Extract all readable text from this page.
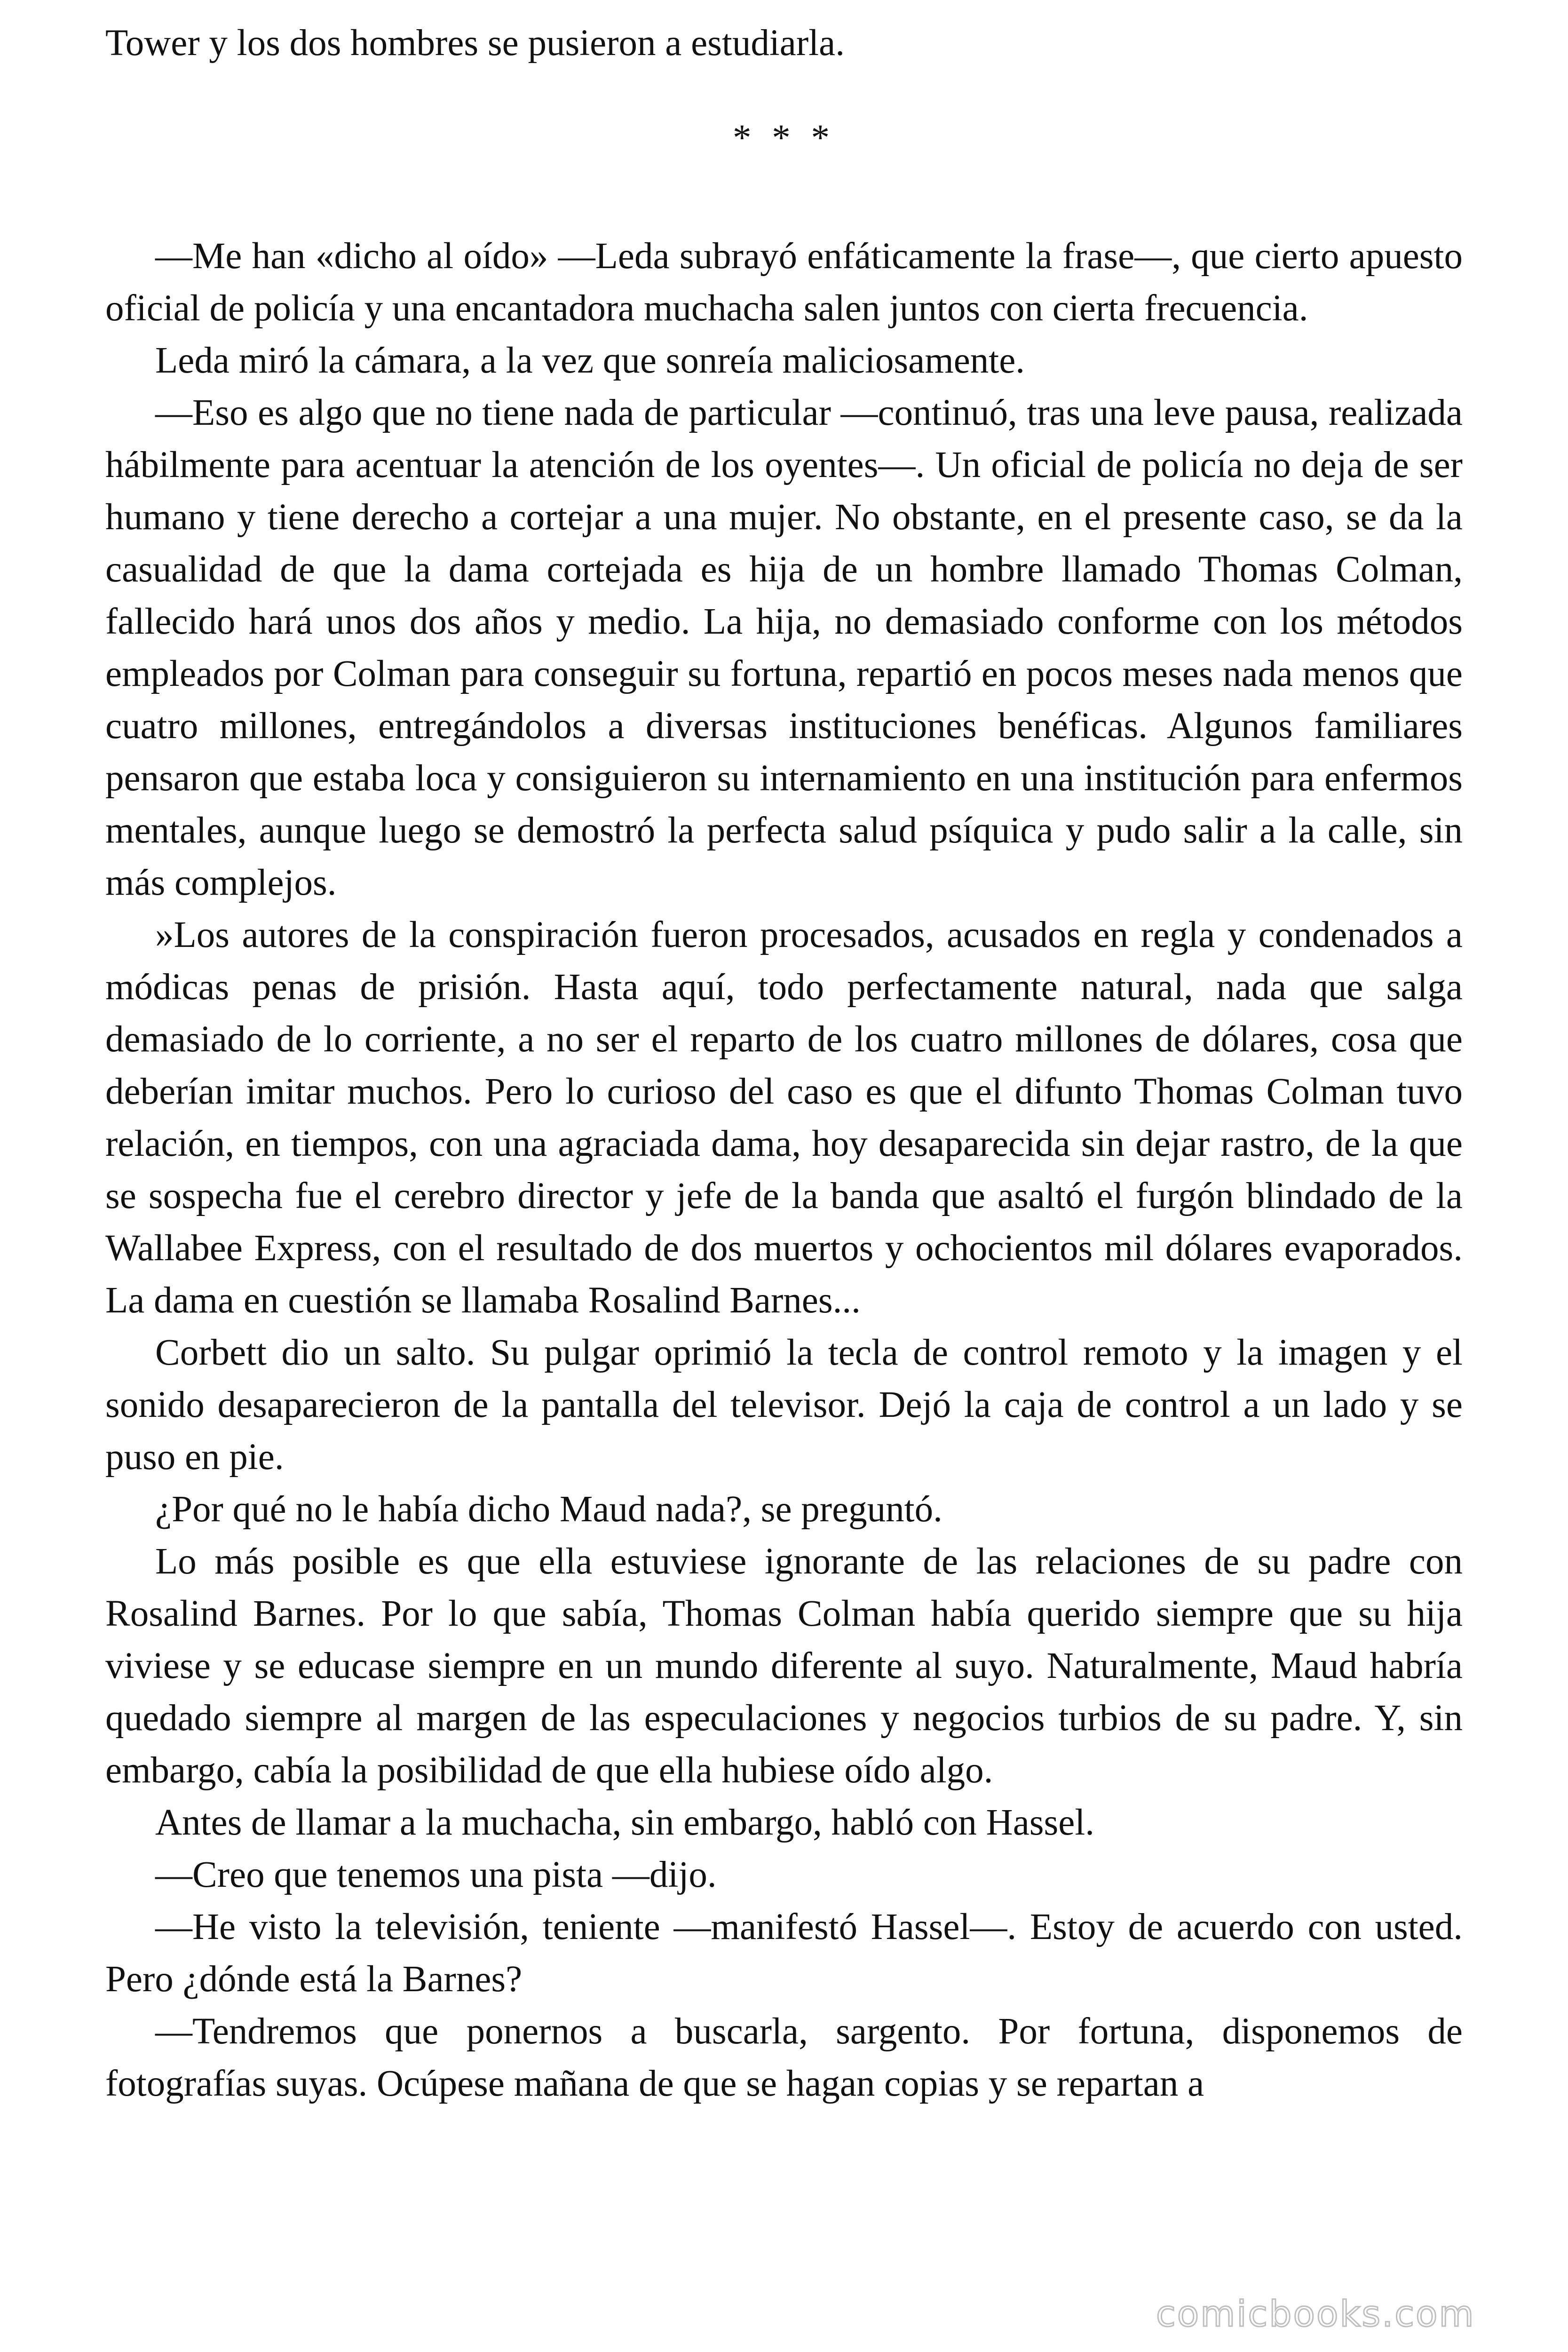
Tower y los dos hombres se pusieron a estudiarla.

* * *

—Me han «dicho al oído» —Leda subrayó enfáticamente la frase—, que cierto apuesto oficial de policía y una encantadora muchacha salen juntos con cierta frecuencia.

Leda miró la cámara, a la vez que sonreía maliciosamente.

—Eso es algo que no tiene nada de particular —continuó, tras una leve pausa, realizada hábilmente para acentuar la atención de los oyentes—. Un oficial de policía no deja de ser humano y tiene derecho a cortejar a una mujer. No obstante, en el presente caso, se da la casualidad de que la dama cortejada es hija de un hombre llamado Thomas Colman, fallecido hará unos dos años y medio. La hija, no demasiado conforme con los métodos empleados por Colman para conseguir su fortuna, repartió en pocos meses nada menos que cuatro millones, entregándolos a diversas instituciones benéficas. Algunos familiares pensaron que estaba loca y consiguieron su internamiento en una institución para enfermos mentales, aunque luego se demostró la perfecta salud psíquica y pudo salir a la calle, sin más complejos.

»Los autores de la conspiración fueron procesados, acusados en regla y condenados a módicas penas de prisión. Hasta aquí, todo perfectamente natural, nada que salga demasiado de lo corriente, a no ser el reparto de los cuatro millones de dólares, cosa que deberían imitar muchos. Pero lo curioso del caso es que el difunto Thomas Colman tuvo relación, en tiempos, con una agraciada dama, hoy desaparecida sin dejar rastro, de la que se sospecha fue el cerebro director y jefe de la banda que asaltó el furgón blindado de la Wallabee Express, con el resultado de dos muertos y ochocientos mil dólares evaporados. La dama en cuestión se llamaba Rosalind Barnes...

Corbett dio un salto. Su pulgar oprimió la tecla de control remoto y la imagen y el sonido desaparecieron de la pantalla del televisor. Dejó la caja de control a un lado y se puso en pie.

¿Por qué no le había dicho Maud nada?, se preguntó.

Lo más posible es que ella estuviese ignorante de las relaciones de su padre con Rosalind Barnes. Por lo que sabía, Thomas Colman había querido siempre que su hija viviese y se educase siempre en un mundo diferente al suyo. Naturalmente, Maud habría quedado siempre al margen de las especulaciones y negocios turbios de su padre. Y, sin embargo, cabía la posibilidad de que ella hubiese oído algo.

Antes de llamar a la muchacha, sin embargo, habló con Hassel.

—Creo que tenemos una pista —dijo.

—He visto la televisión, teniente —manifestó Hassel—. Estoy de acuerdo con usted. Pero ¿dónde está la Barnes?

—Tendremos que ponernos a buscarla, sargento. Por fortuna, disponemos de fotografías suyas. Ocúpese mañana de que se hagan copias y se repartan a

comicbooks.com
